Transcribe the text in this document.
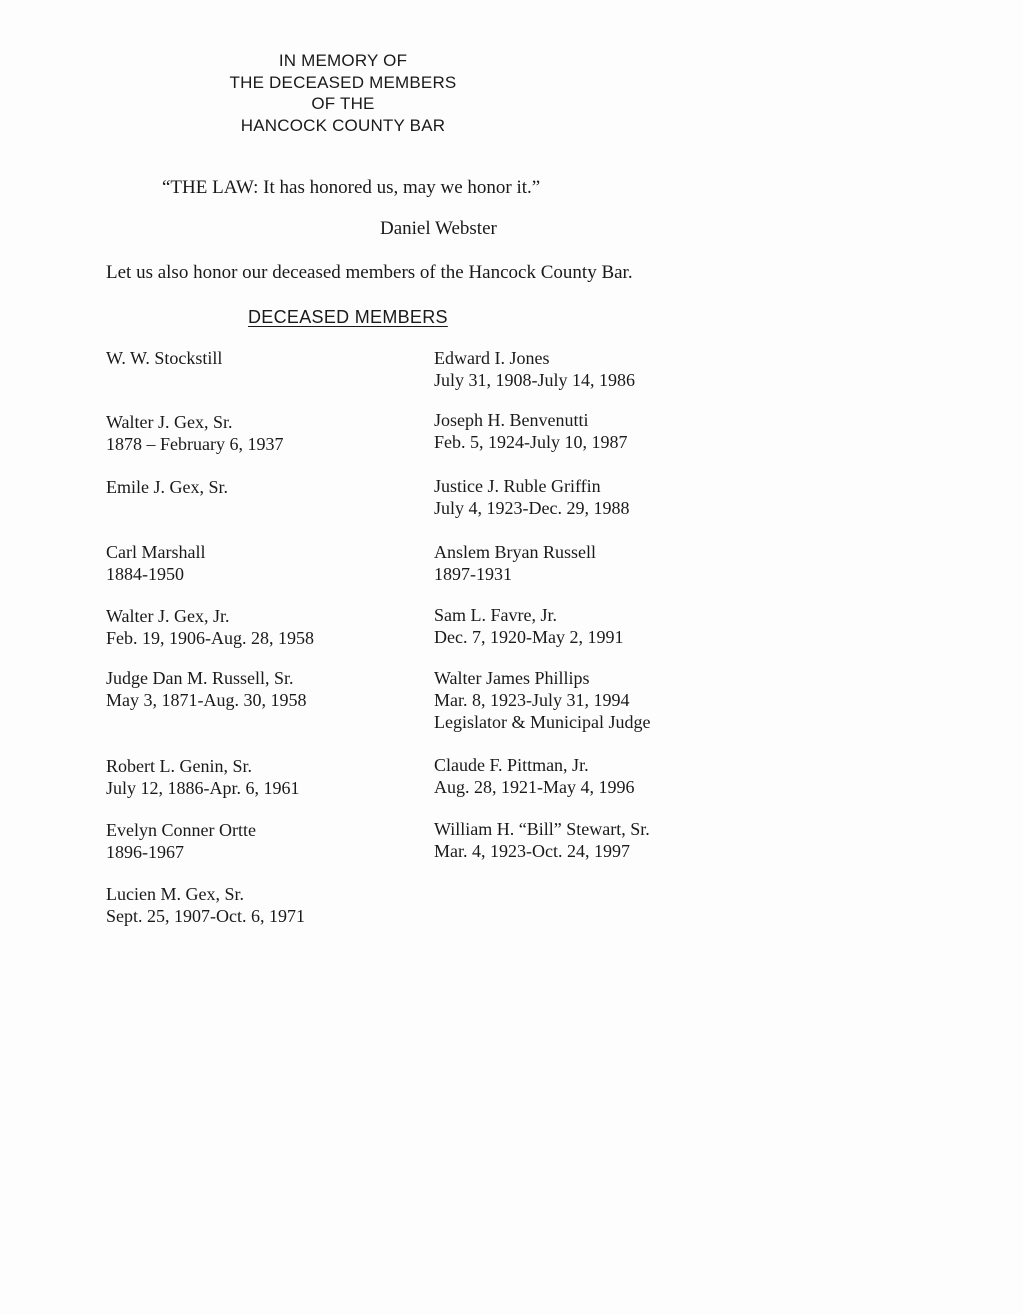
IN MEMORY OF
THE DECEASED MEMBERS
OF THE
HANCOCK COUNTY BAR
“THE LAW: It has honored us, may we honor it.”
Daniel Webster
Let us also honor our deceased members of the Hancock County Bar.
DECEASED MEMBERS
W. W. Stockstill
Walter J. Gex, Sr.
1878 – February 6, 1937
Emile J. Gex, Sr.
Carl Marshall
1884-1950
Walter J. Gex, Jr.
Feb. 19, 1906-Aug. 28, 1958
Judge Dan M. Russell, Sr.
May 3, 1871-Aug. 30, 1958
Robert L. Genin, Sr.
July 12, 1886-Apr. 6, 1961
Evelyn Conner Ortte
1896-1967
Lucien M. Gex, Sr.
Sept. 25, 1907-Oct. 6, 1971
Edward I. Jones
July 31, 1908-July 14, 1986
Joseph H. Benvenutti
Feb. 5, 1924-July 10, 1987
Justice J. Ruble Griffin
July 4, 1923-Dec. 29, 1988
Anslem Bryan Russell
1897-1931
Sam L. Favre, Jr.
Dec. 7, 1920-May 2, 1991
Walter James Phillips
Mar. 8, 1923-July 31, 1994
Legislator & Municipal Judge
Claude F. Pittman, Jr.
Aug. 28, 1921-May 4, 1996
William H. “Bill” Stewart, Sr.
Mar. 4, 1923-Oct. 24, 1997
